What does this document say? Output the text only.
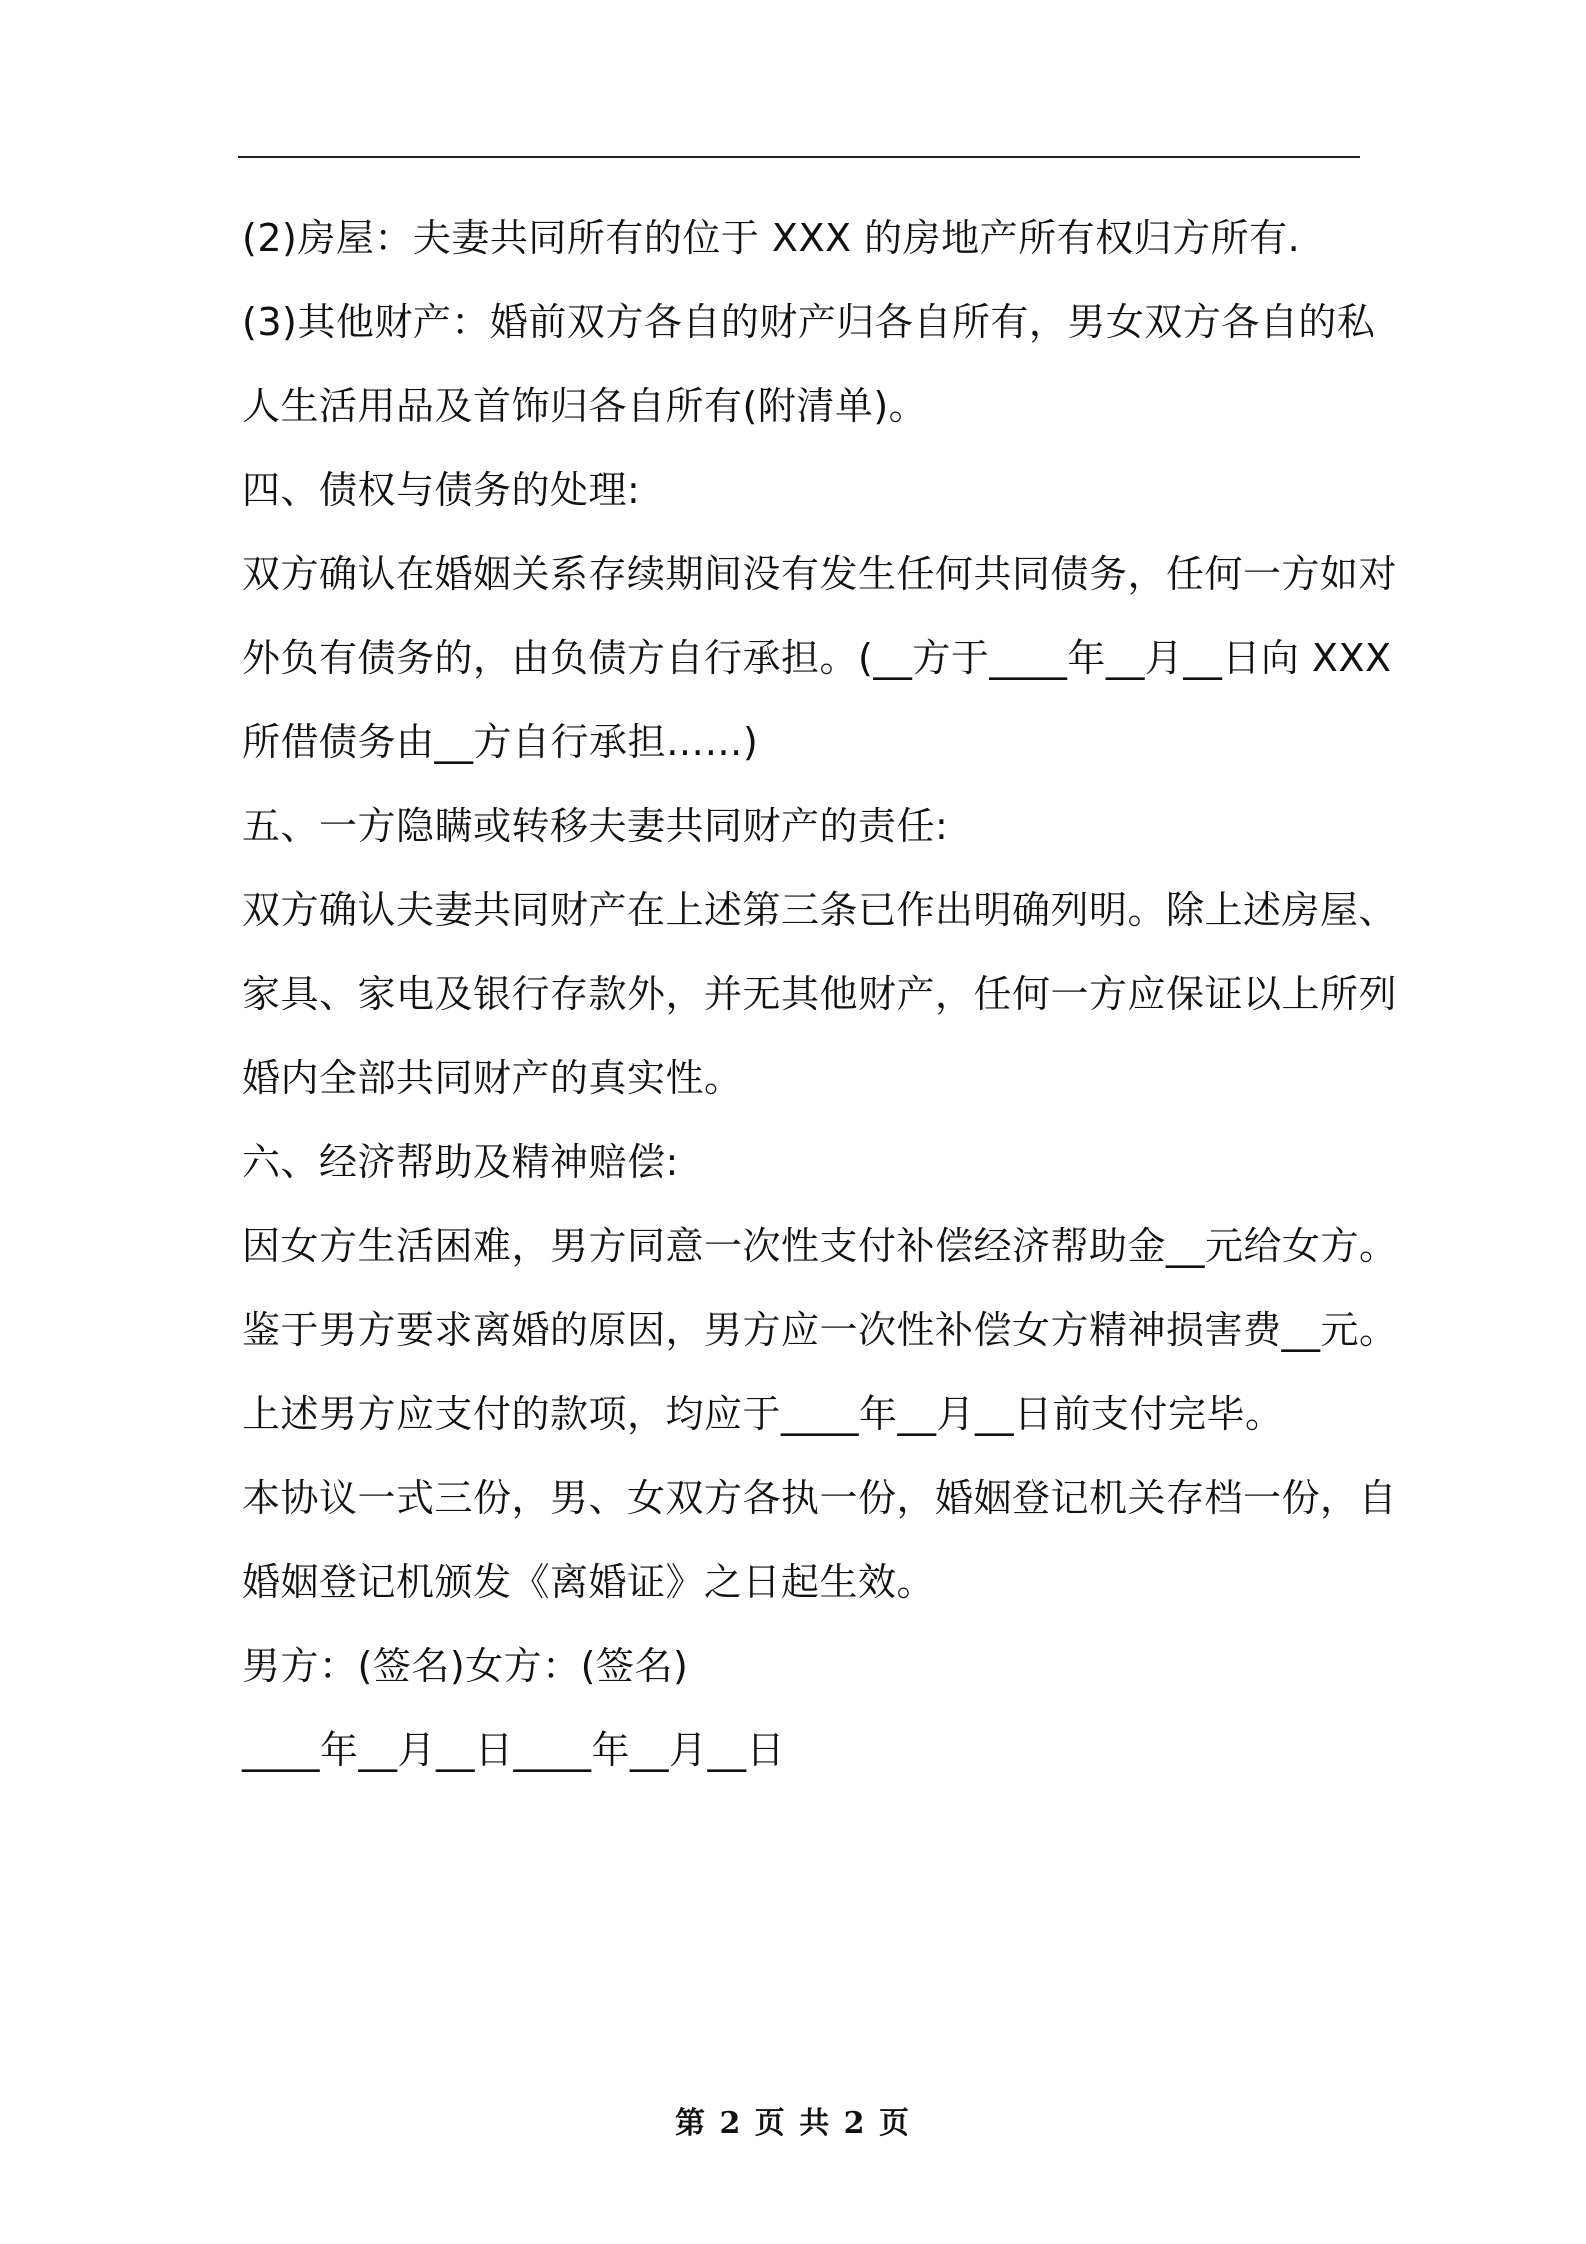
(2)房屋：夫妻共同所有的位于 XXX 的房地产所有权归方所有.
(3)其他财产：婚前双方各自的财产归各自所有，男女双方各自的私
人生活用品及首饰归各自所有(附清单)。
四、债权与债务的处理:
双方确认在婚姻关系存续期间没有发生任何共同债务，任何一方如对
外负有债务的，由负债方自行承担。(__方于____年__月__日向 XXX
所借债务由__方自行承担……)
五、一方隐瞒或转移夫妻共同财产的责任:
双方确认夫妻共同财产在上述第三条已作出明确列明。除上述房屋、
家具、家电及银行存款外，并无其他财产，任何一方应保证以上所列
婚内全部共同财产的真实性。
六、经济帮助及精神赔偿:
因女方生活困难，男方同意一次性支付补偿经济帮助金__元给女方。
鉴于男方要求离婚的原因，男方应一次性补偿女方精神损害费__元。
上述男方应支付的款项，均应于____年__月__日前支付完毕。
本协议一式三份，男、女双方各执一份，婚姻登记机关存档一份，自
婚姻登记机颁发《离婚证》之日起生效。
男方：(签名)女方：(签名)
____年__月__日____年__月__日
第 2 页 共 2 页
